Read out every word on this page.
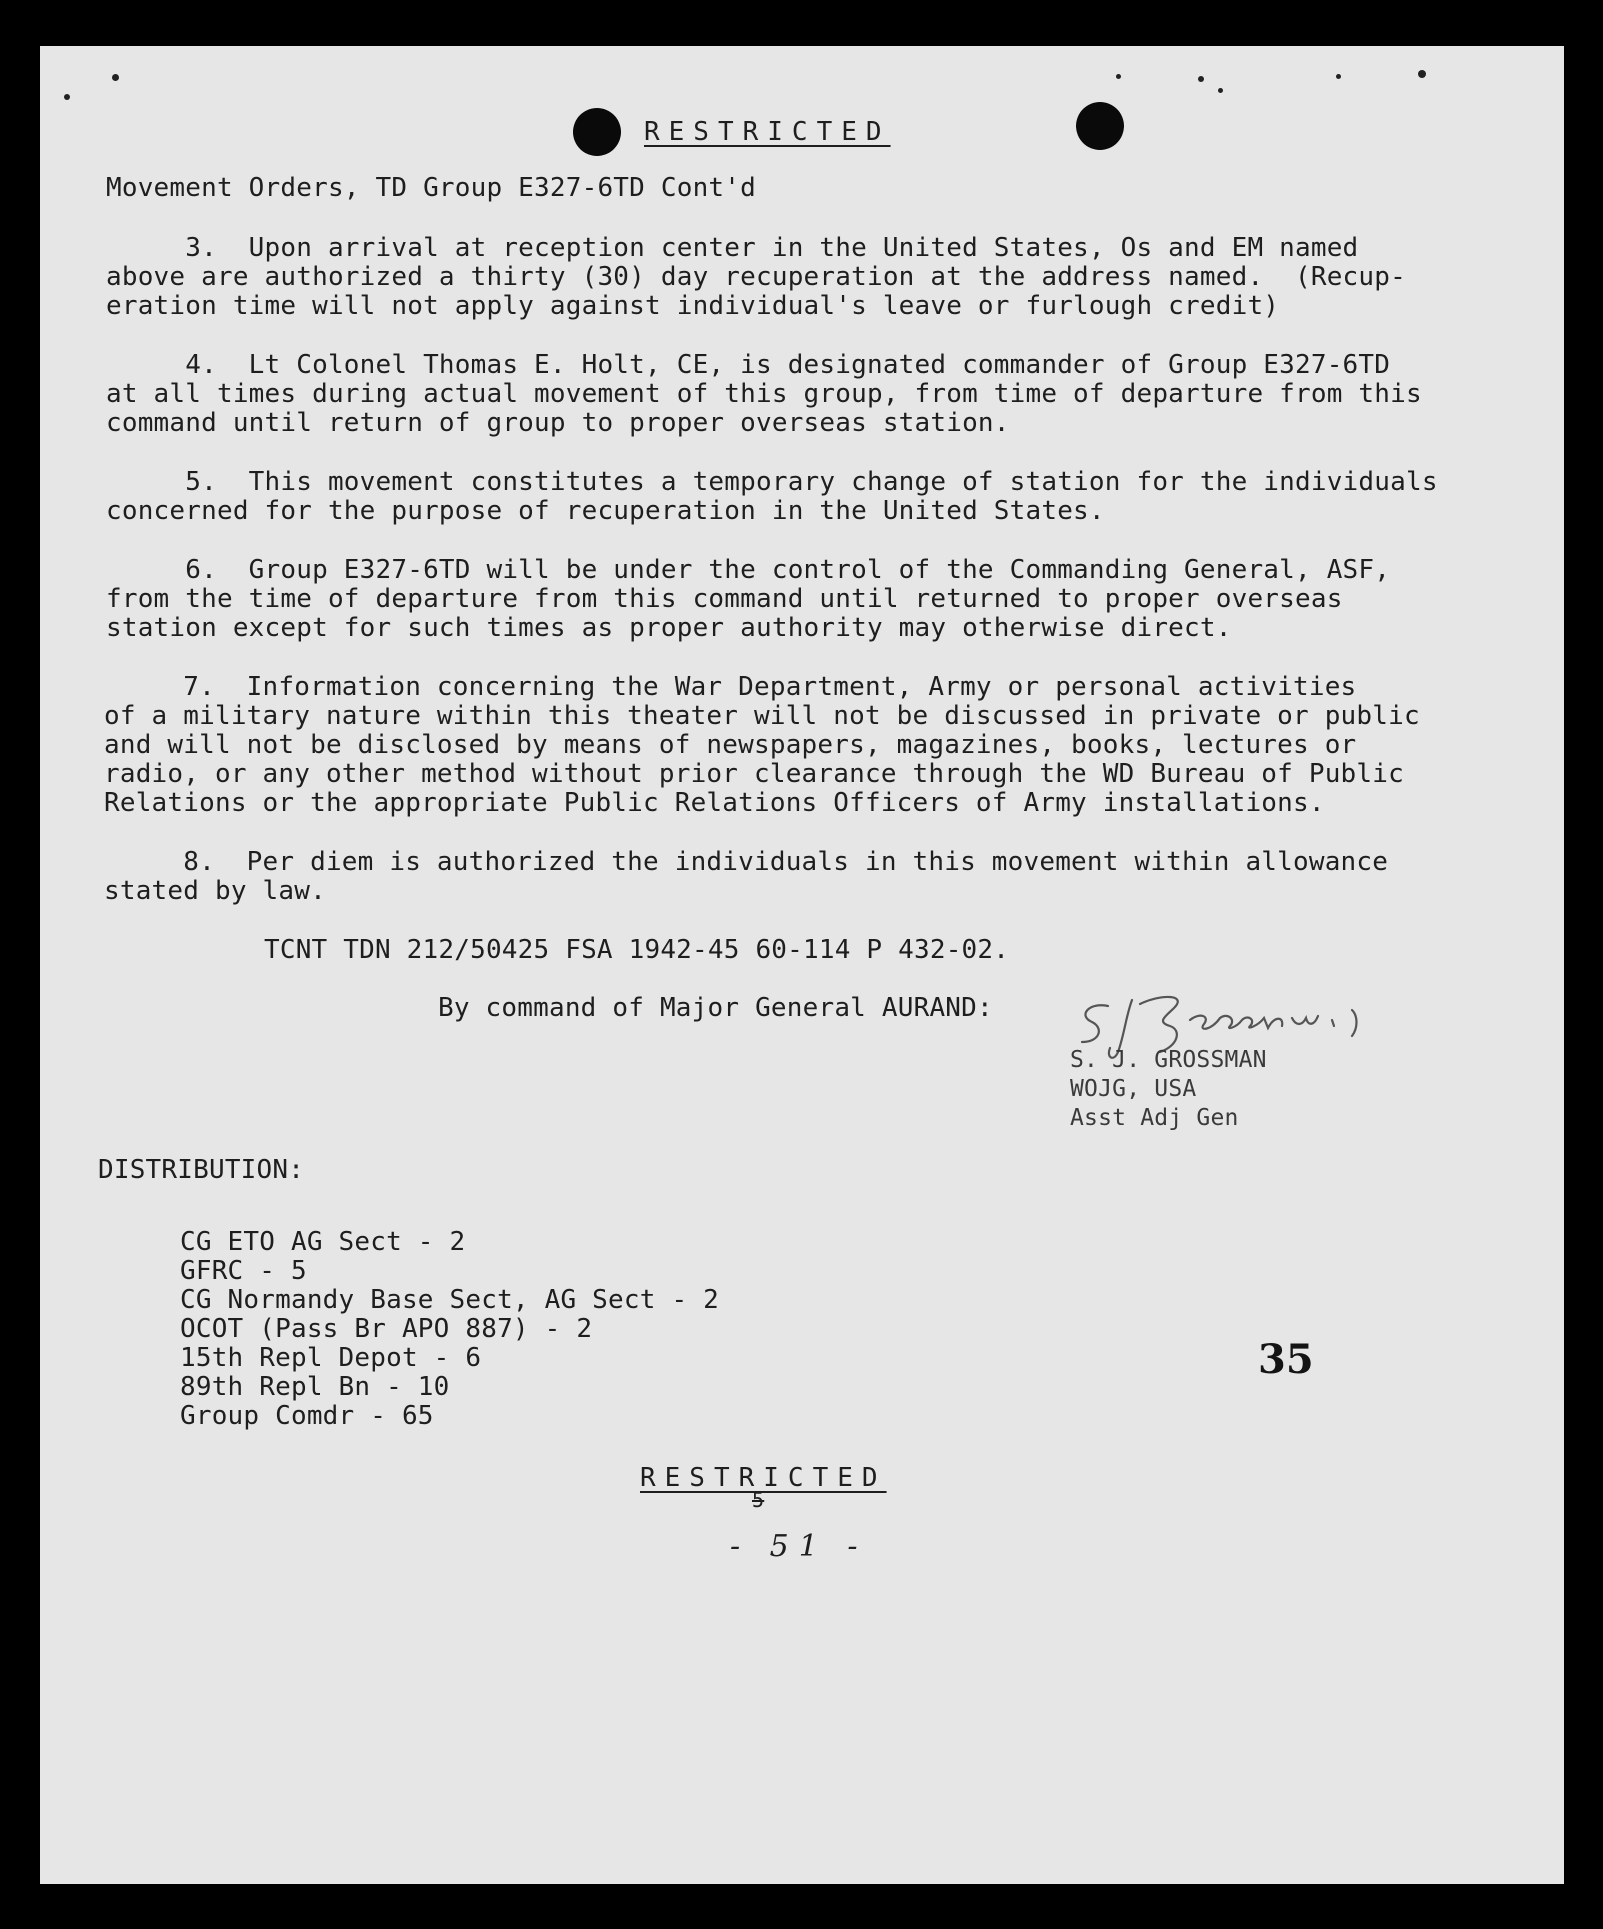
RESTRICTED
Movement Orders, TD Group E327-6TD Cont'd
3.  Upon arrival at reception center in the United States, Os and EM named
above are authorized a thirty (30) day recuperation at the address named.  (Recup-
eration time will not apply against individual's leave or furlough credit)
4.  Lt Colonel Thomas E. Holt, CE, is designated commander of Group E327-6TD
at all times during actual movement of this group, from time of departure from this
command until return of group to proper overseas station.
5.  This movement constitutes a temporary change of station for the individuals
concerned for the purpose of recuperation in the United States.
6.  Group E327-6TD will be under the control of the Commanding General, ASF,
from the time of departure from this command until returned to proper overseas
station except for such times as proper authority may otherwise direct.
7.  Information concerning the War Department, Army or personal activities
of a military nature within this theater will not be discussed in private or public
and will not be disclosed by means of newspapers, magazines, books, lectures or
radio, or any other method without prior clearance through the WD Bureau of Public
Relations or the appropriate Public Relations Officers of Army installations.
8.  Per diem is authorized the individuals in this movement within allowance
stated by law.
TCNT TDN 212/50425 FSA 1942-45 60-114 P 432-02.
By command of Major General AURAND:
S. J. GROSSMAN
WOJG, USA
Asst Adj Gen
DISTRIBUTION:
CG ETO AG Sect - 2
GFRC - 5
CG Normandy Base Sect, AG Sect - 2
OCOT (Pass Br APO 887) - 2
15th Repl Depot - 6
89th Repl Bn - 10
Group Comdr - 65
35
RESTRICTED
5
- 51 -
